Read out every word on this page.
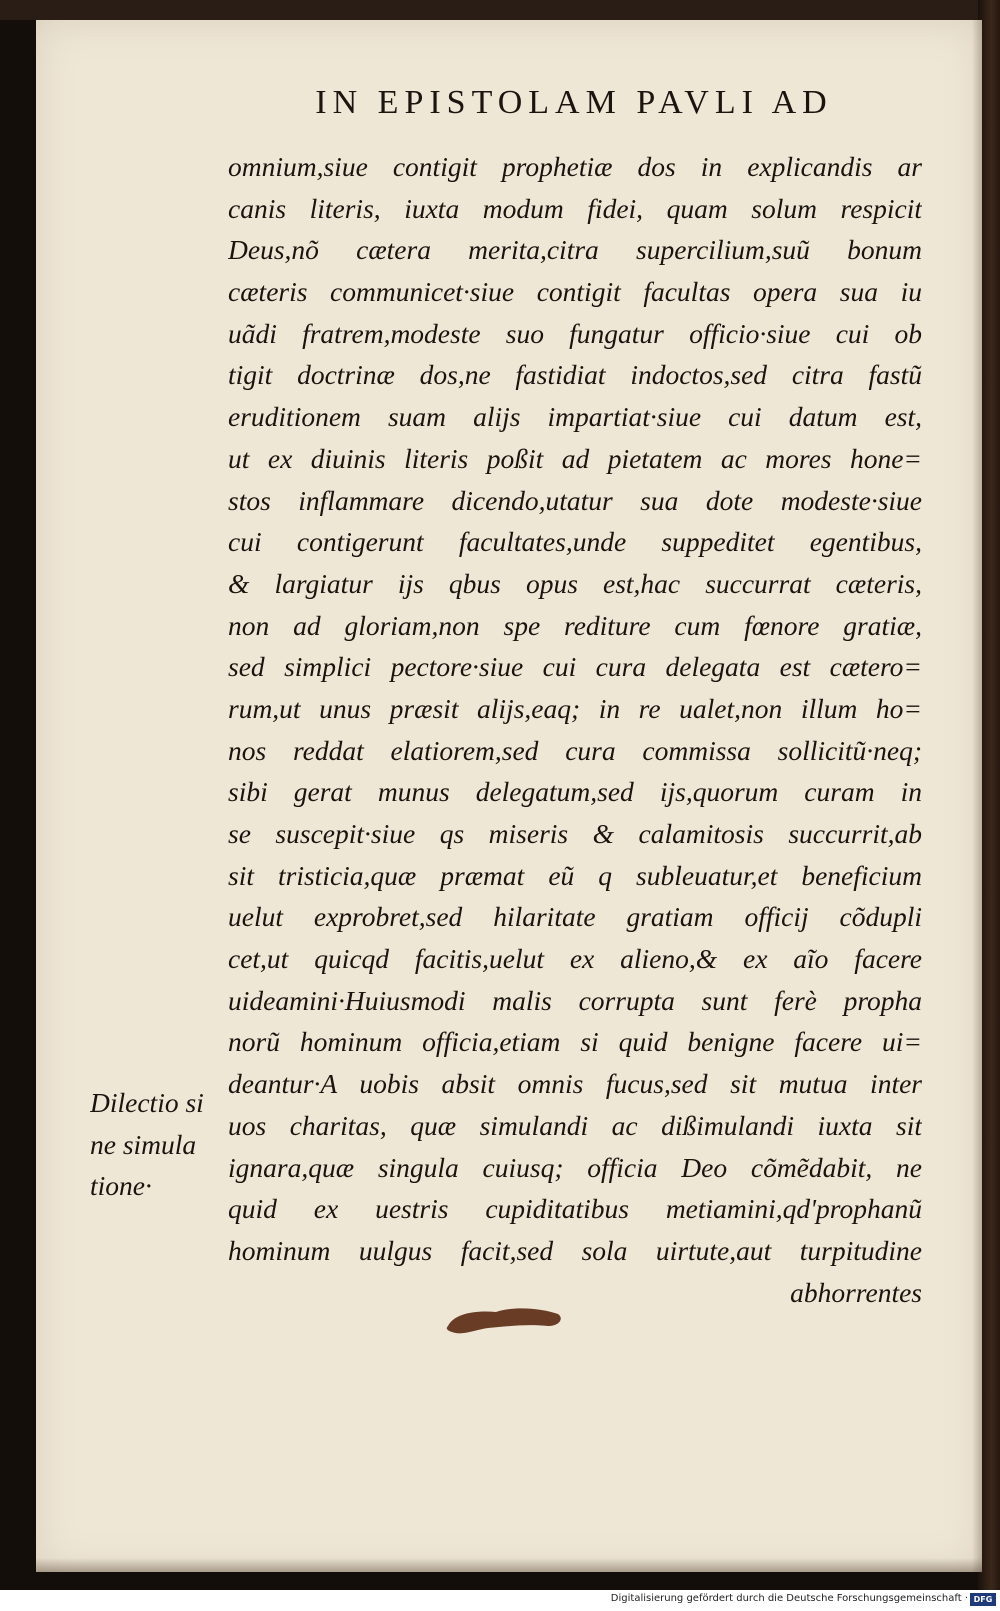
IN EPISTOLAM PAVLI AD
omnium,siue contigit prophetiæ dos in explicandis ar
canis literis, iuxta modum fidei, quam solum respicit
Deus,nõ cætera merita,citra supercilium,suũ bonum
cæteris communicet·siue contigit facultas opera sua iu
uãdi fratrem,modeste suo fungatur officio·siue cui ob
tigit doctrinæ dos,ne fastidiat indoctos,sed citra fastũ
eruditionem suam alijs impartiat·siue cui datum est,
ut ex diuinis literis poßit ad pietatem ac mores hone=
stos inflammare dicendo,utatur sua dote modeste·siue
cui contigerunt facultates,unde suppeditet egentibus,
& largiatur ijs qbus opus est,hac succurrat cæteris,
non ad gloriam,non spe rediture cum fœnore gratiæ,
sed simplici pectore·siue cui cura delegata est cætero=
rum,ut unus præsit alijs,eaq; in re ualet,non illum ho=
nos reddat elatiorem,sed cura commissa sollicitũ·neq;
sibi gerat munus delegatum,sed ijs,quorum curam in
se suscepit·siue qs miseris & calamitosis succurrit,ab
sit tristicia,quæ præmat eũ q subleuatur,et beneficium
uelut exprobret,sed hilaritate gratiam officij cõdupli
cet,ut quicqd facitis,uelut ex alieno,& ex aĩo facere
uideamini·Huiusmodi malis corrupta sunt ferè propha
norũ hominum officia,etiam si quid benigne facere ui=
deantur·A uobis absit omnis fucus,sed sit mutua inter
uos charitas, quæ simulandi ac dißimulandi iuxta sit
ignara,quæ singula cuiusq; officia Deo cõmẽdabit, ne
quid ex uestris cupiditatibus metiamini,qd'prophanũ
hominum uulgus facit,sed sola uirtute,aut turpitudine
abhorrentes
Dilectio si
ne simula
tione·
Digitalisierung gefördert durch die Deutsche Forschungsgemeinschaft · DFG
